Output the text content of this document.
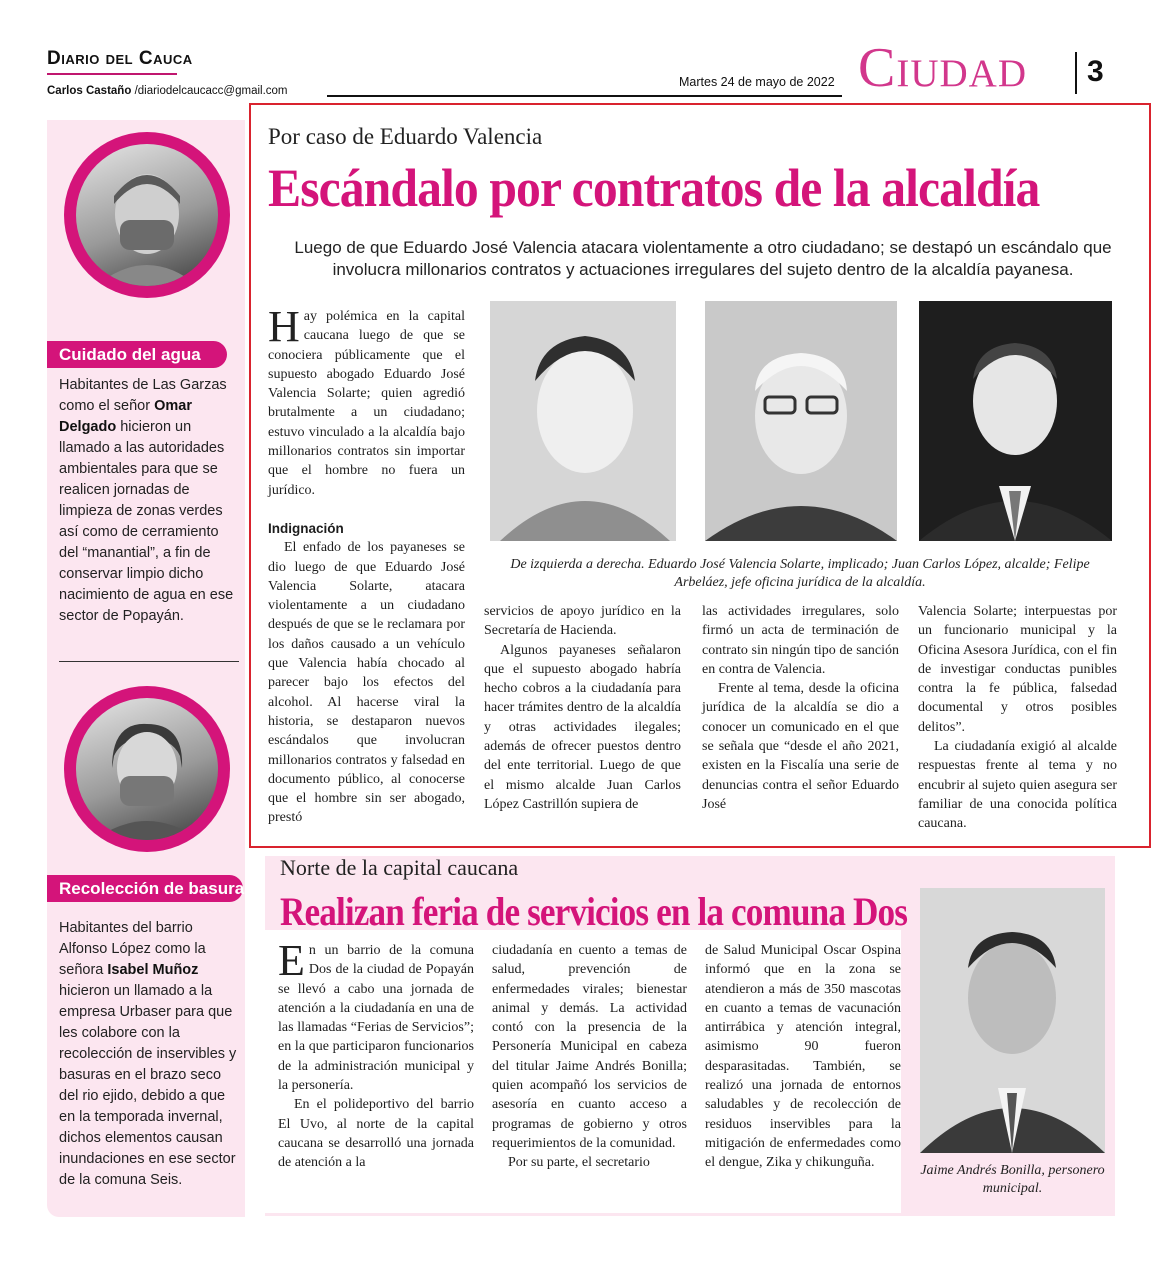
Diario del Cauca
Carlos Castaño /diariodelcaucacc@gmail.com
Martes 24 de mayo de 2022 Ciudad 3
Cuidado del agua
Habitantes de Las Garzas como el señor Omar Delgado hicieron un llamado a las autoridades ambientales para que se realicen jornadas de limpieza de zonas verdes así como de cerramiento del “manantial”, a fin de conservar limpio dicho nacimiento de agua en ese sector de Popayán.
Recolección de basuras
Habitantes del barrio Alfonso López como la señora Isabel Muñoz hicieron un llamado a la empresa Urbaser para que les colabore con la recolección de inservibles y basuras en el brazo seco del rio ejido, debido a que en la temporada invernal, dichos elementos causan inundaciones en ese sector de la comuna Seis.
Por caso de Eduardo Valencia
Escándalo por contratos de la alcaldía
Luego de que Eduardo José Valencia atacara violentamente a otro ciudadano; se destapó un escándalo que involucra millonarios contratos y actuaciones irregulares del sujeto dentro de la alcaldía payanesa.
De izquierda a derecha. Eduardo José Valencia Solarte, implicado; Juan Carlos López, alcalde; Felipe Arbeláez, jefe oficina jurídica de la alcaldía.

Hay polémica en la capital caucana luego de que se conociera públicamente que el supuesto abogado Eduardo José Valencia Solarte; quien agredió brutalmente a un ciudadano; estuvo vinculado a la alcaldía bajo millonarios contratos sin importar que el hombre no fuera un jurídico.

Indignación

El enfado de los payaneses se dio luego de que Eduardo José Valencia Solarte, atacara violentamente a un ciudadano después de que se le reclamara por los daños causado a un vehículo que Valencia había chocado al parecer bajo los efectos del alcohol. Al hacerse viral la historia, se destaparon nuevos escándalos que involucran millonarios contratos y falsedad en documento público, al conocerse que el hombre sin ser abogado, prestó

servicios de apoyo jurídico en la Secretaría de Hacienda.

Algunos payaneses señalaron que el supuesto abogado habría hecho cobros a la ciudadanía para hacer trámites dentro de la alcaldía y otras actividades ilegales; además de ofrecer puestos dentro del ente territorial. Luego de que el mismo alcalde Juan Carlos López Castrillón supiera de

las actividades irregulares, solo firmó un acta de terminación de contrato sin ningún tipo de sanción en contra de Valencia.

Frente al tema, desde la oficina jurídica de la alcaldía se dio a conocer un comunicado en el que se señala que “desde el año 2021, existen en la Fiscalía una serie de denuncias contra el señor Eduardo José

Valencia Solarte; interpuestas por un funcionario municipal y la Oficina Asesora Jurídica, con el fin de investigar conductas punibles contra la fe pública, falsedad documental y otros posibles delitos”.

La ciudadanía exigió al alcalde respuestas frente al tema y no encubrir al sujeto quien asegura ser familiar de una conocida política caucana.

Norte de la capital caucana
Realizan feria de servicios en la comuna Dos

En un barrio de la comuna Dos de la ciudad de Popayán se llevó a cabo una jornada de atención a la ciudadanía en una de las llamadas “Ferias de Servicios”; en la que participaron funcionarios de la administración municipal y la personería.

En el polideportivo del barrio El Uvo, al norte de la capital caucana se desarrolló una jornada de atención a la

ciudadanía en cuento a temas de salud, prevención de enfermedades virales; bienestar animal y demás. La actividad contó con la presencia de la Personería Municipal en cabeza del titular Jaime Andrés Bonilla; quien acompañó los servicios de asesoría en cuanto acceso a programas de gobierno y otros requerimientos de la comunidad.

Por su parte, el secretario

de Salud Municipal Oscar Ospina informó que en la zona se atendieron a más de 350 mascotas en cuanto a temas de vacunación antirrábica y atención integral, asimismo 90 fueron desparasitadas. También, se realizó una jornada de entornos saludables y de recolección de residuos inservibles para la mitigación de enfermedades como el dengue, Zika y chikunguña.

Jaime Andrés Bonilla, personero municipal.
